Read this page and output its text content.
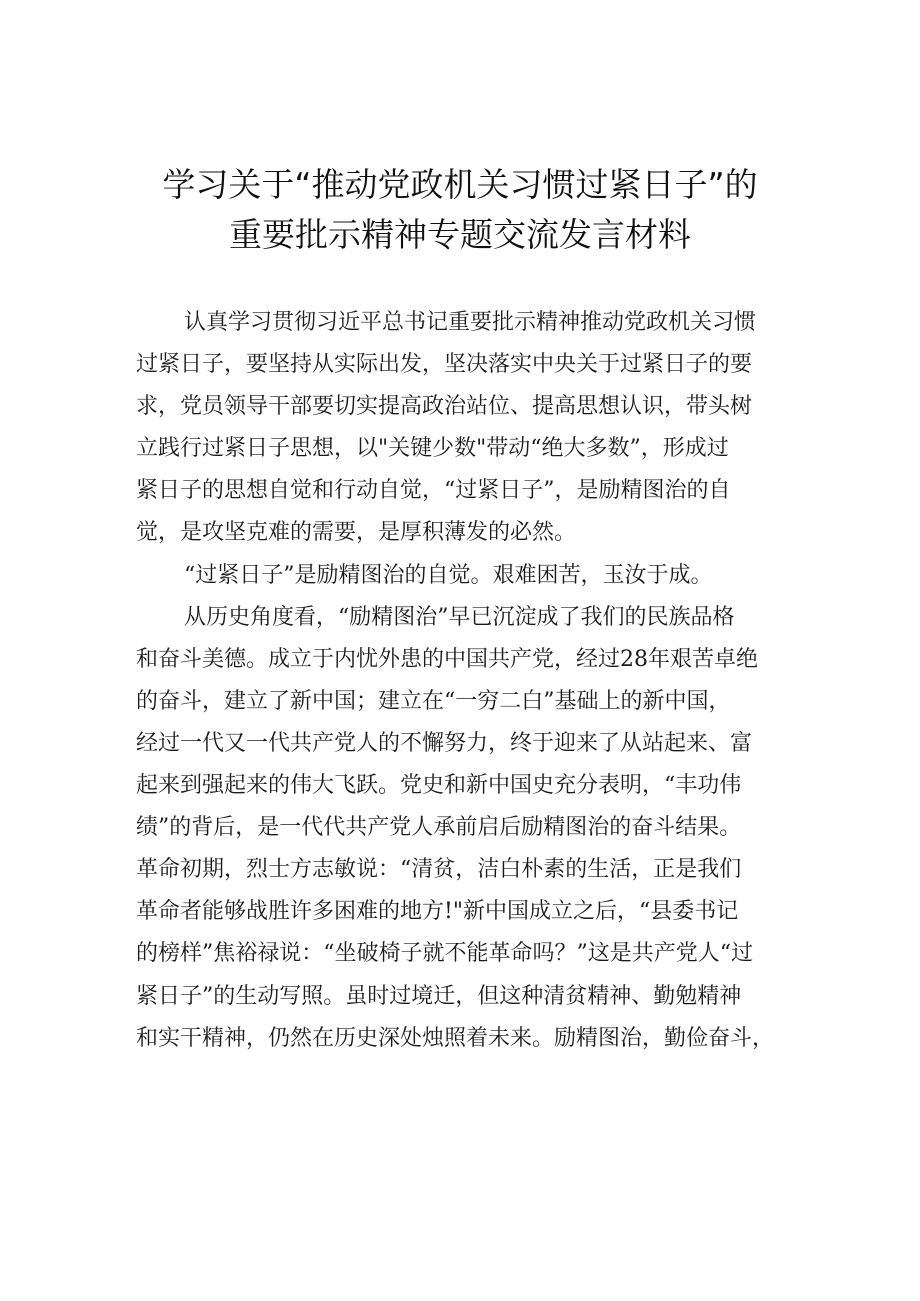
学习关于“推动党政机关习惯过紧日子”的
重要批示精神专题交流发言材料
认真学习贯彻习近平总书记重要批示精神推动党政机关习惯
过紧日子，要坚持从实际出发，坚决落实中央关于过紧日子的要
求，党员领导干部要切实提高政治站位、提高思想认识，带头树
立践行过紧日子思想，以"关键少数"带动“绝大多数”，形成过
紧日子的思想自觉和行动自觉，“过紧日子”，是励精图治的自
觉，是攻坚克难的需要，是厚积薄发的必然。
“过紧日子”是励精图治的自觉。艰难困苦，玉汝于成。
从历史角度看，“励精图治”早已沉淀成了我们的民族品格
和奋斗美德。成立于内忧外患的中国共产党，经过28年艰苦卓绝
的奋斗，建立了新中国；建立在“一穷二白”基础上的新中国，
经过一代又一代共产党人的不懈努力，终于迎来了从站起来、富
起来到强起来的伟大飞跃。党史和新中国史充分表明，“丰功伟
绩”的背后，是一代代共产党人承前启后励精图治的奋斗结果。
革命初期，烈士方志敏说：“清贫，洁白朴素的生活，正是我们
革命者能够战胜许多困难的地方!"新中国成立之后，“县委书记
的榜样”焦裕禄说：“坐破椅子就不能革命吗？”这是共产党人“过
紧日子”的生动写照。虽时过境迁，但这种清贫精神、勤勉精神
和实干精神，仍然在历史深处烛照着未来。励精图治，勤俭奋斗，
